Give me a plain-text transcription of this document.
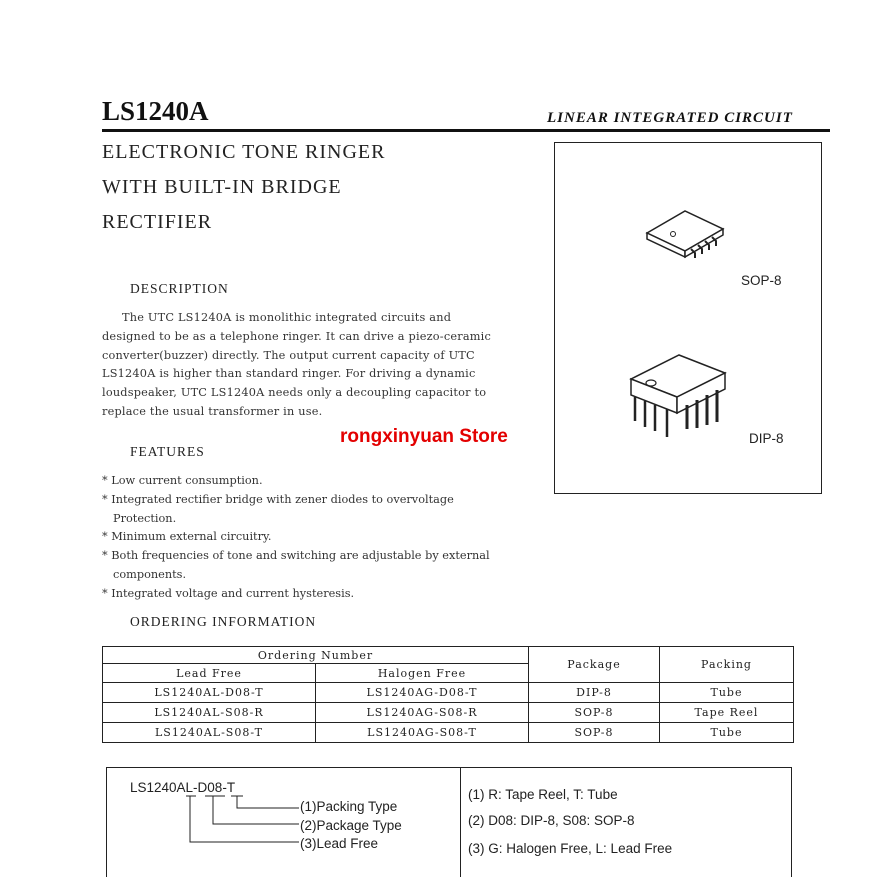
LS1240A	LINEAR INTEGRATED CIRCUIT
ELECTRONIC TONE RINGER
WITH BUILT-IN BRIDGE
RECTIFIER
DESCRIPTION
The UTC LS1240A is monolithic integrated circuits and
designed to be as a telephone ringer. It can drive a piezo-ceramic
converter(buzzer) directly. The output current capacity of UTC
LS1240A is higher than standard ringer. For driving a dynamic
loudspeaker, UTC LS1240A needs only a decoupling capacitor to
replace the usual transformer in use.
FEATURES
* Low current consumption.
* Integrated rectifier bridge with zener diodes to overvoltage
Protection.
* Minimum external circuitry.
* Both frequencies of tone and switching are adjustable by external
components.
* Integrated voltage and current hysteresis.
SOP-8
DIP-8
rongxinyuan Store
ORDERING INFORMATION
Ordering Number		Package	Packing
Lead Free	Halogen Free		
LS1240AL-D08-T	LS1240AG-D08-T	DIP-8	Tube
LS1240AL-S08-R	LS1240AG-S08-R	SOP-8	Tape Reel
LS1240AL-S08-T	LS1240AG-S08-T	SOP-8	Tube
LS1240AL-D08-T
(1)Packing Type
(2)Package Type
(3)Lead Free
(1) R: Tape Reel, T: Tube
(2) D08: DIP-8, S08: SOP-8
(3) G: Halogen Free, L: Lead Free
